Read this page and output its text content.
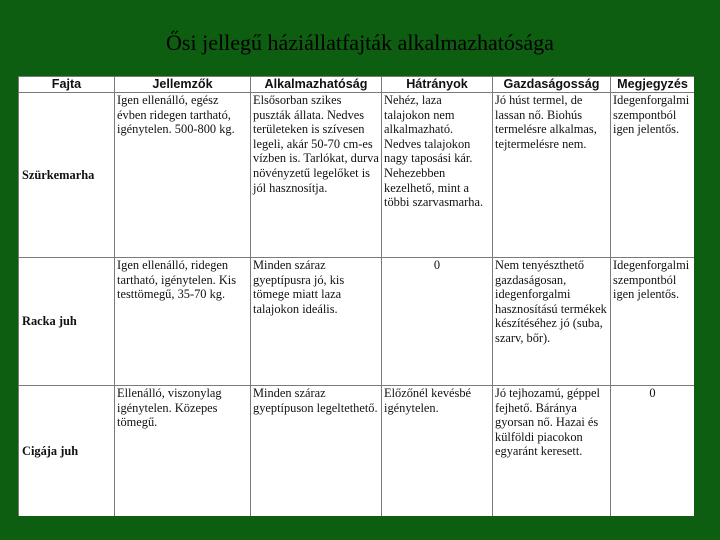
Ősi jellegű háziállatfajták alkalmazhatósága
Fajta	Jellemzők	Alkalmazhatóság	Hátrányok	Gazdaságosság	Megjegyzés
Szürkemarha	Igen ellenálló, egész évben ridegen tartható, igénytelen. 500-800 kg.	Elsősorban szikes puszták állata. Nedves területeken is szívesen legeli, akár 50-70 cm-es vízben is. Tarlókat, durva növényzetű legelőket is jól hasznosítja.	Nehéz, laza talajokon nem alkalmazható. Nedves talajokon nagy taposási kár. Nehezebben kezelhető, mint a többi szarvasmarha.	Jó húst termel, de lassan nő. Biohús termelésre alkalmas, tejtermelésre nem.	Idegenforgalmi szempontból igen jelentős.
Racka juh	Igen ellenálló, ridegen tartható, igénytelen. Kis testtömegű, 35-70 kg.	Minden száraz gyeptípusra jó, kis tömege miatt laza talajokon ideális.	0	Nem tenyészthető gazdaságosan, idegenforgalmi hasznosítású termékek készítéséhez jó (suba, szarv, bőr).	Idegenforgalmi szempontból igen jelentős.
Cigája juh	Ellenálló, viszonylag igénytelen. Közepes tömegű.	Minden száraz gyeptípuson legeltethető.	Előzőnél kevésbé igénytelen.	Jó tejhozamú, géppel fejhető. Báránya gyorsan nő. Hazai és külföldi piacokon egyaránt keresett.	0
